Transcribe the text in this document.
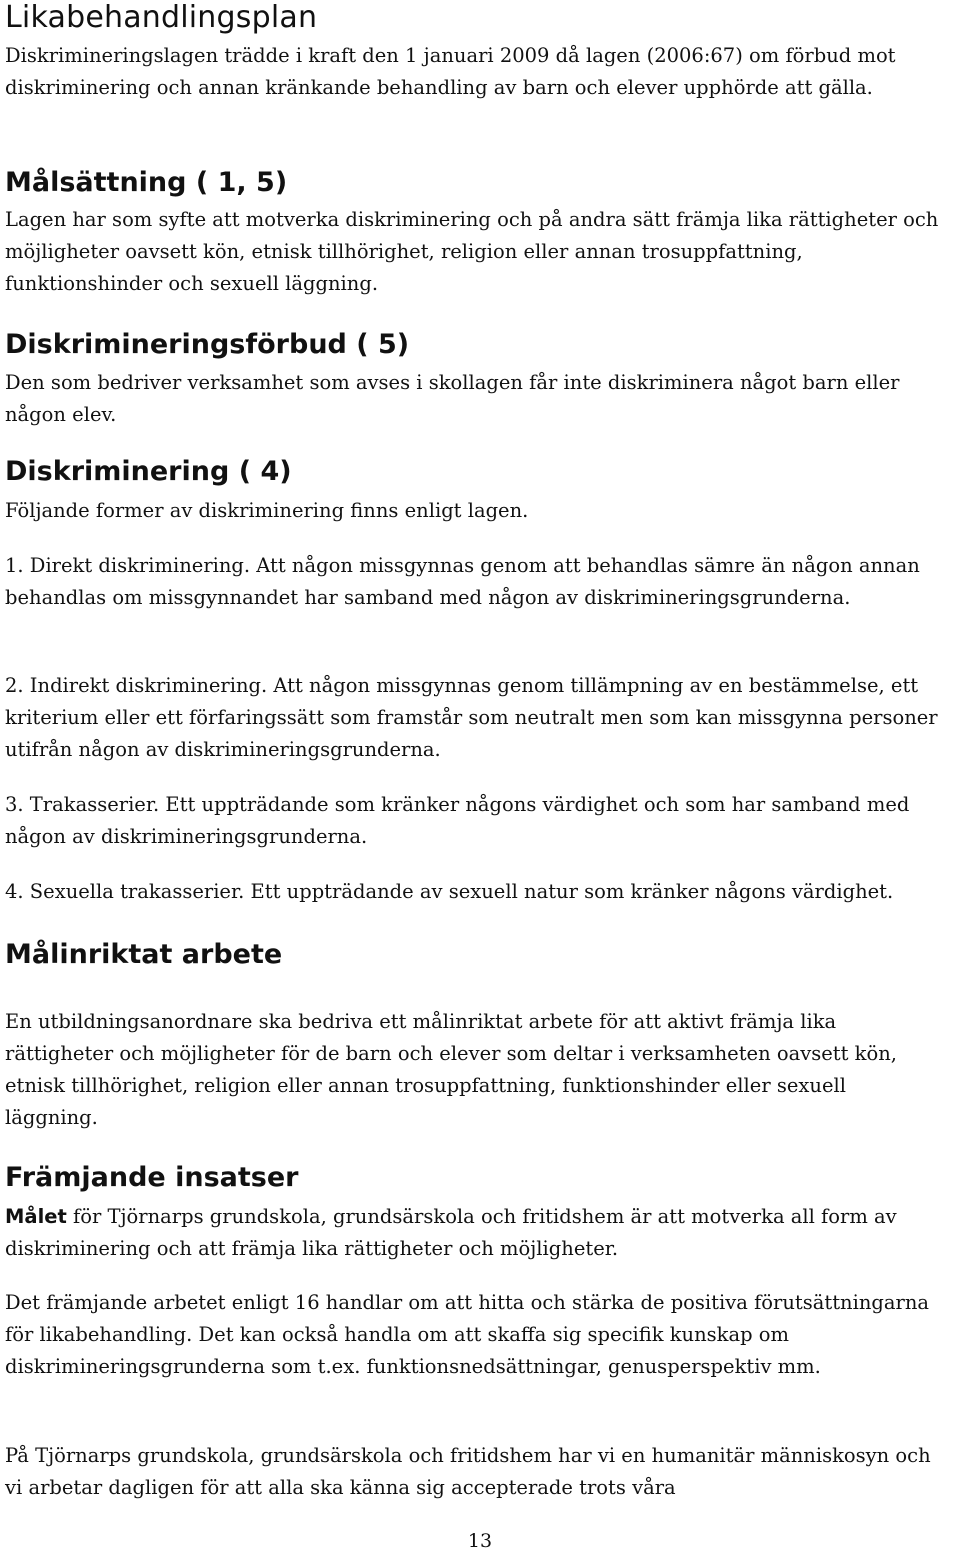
Likabehandlingsplan

Diskrimineringslagen trädde i kraft den 1 januari 2009 då lagen (2006:67) om förbud mot diskriminering och annan kränkande behandling av barn och elever upphörde att gälla.

Målsättning ( 1, 5)

Lagen har som syfte att motverka diskriminering och på andra sätt främja lika rättigheter och möjligheter oavsett kön, etnisk tillhörighet, religion eller annan trosuppfattning, funktionshinder och sexuell läggning.

Diskrimineringsförbud ( 5)

Den som bedriver verksamhet som avses i skollagen får inte diskriminera något barn eller någon elev.

Diskriminering ( 4)

Följande former av diskriminering finns enligt lagen.

1. Direkt diskriminering. Att någon missgynnas genom att behandlas sämre än någon annan behandlas om missgynnandet har samband med någon av diskrimineringsgrunderna.

2. Indirekt diskriminering. Att någon missgynnas genom tillämpning av en bestämmelse, ett kriterium eller ett förfaringssätt som framstår som neutralt men som kan missgynna personer utifrån någon av diskrimineringsgrunderna.

3. Trakasserier. Ett uppträdande som kränker någons värdighet och som har samband med någon av diskrimineringsgrunderna.

4. Sexuella trakasserier. Ett uppträdande av sexuell natur som kränker någons värdighet.

Målinriktat arbete

En utbildningsanordnare ska bedriva ett målinriktat arbete för att aktivt främja lika rättigheter och möjligheter för de barn och elever som deltar i verksamheten oavsett kön, etnisk tillhörighet, religion eller annan trosuppfattning, funktionshinder eller sexuell läggning.

Främjande insatser

Målet för Tjörnarps grundskola, grundsärskola och fritidshem är att motverka all form av diskriminering och att främja lika rättigheter och möjligheter.

Det främjande arbetet enligt 16 handlar om att hitta och stärka de positiva förutsättningarna för likabehandling. Det kan också handla om att skaffa sig specifik kunskap om diskrimineringsgrunderna som t.ex. funktionsnedsättningar, genusperspektiv mm.

På Tjörnarps grundskola, grundsärskola och fritidshem har vi en humanitär människosyn och vi arbetar dagligen för att alla ska känna sig accepterade trots våra

13
